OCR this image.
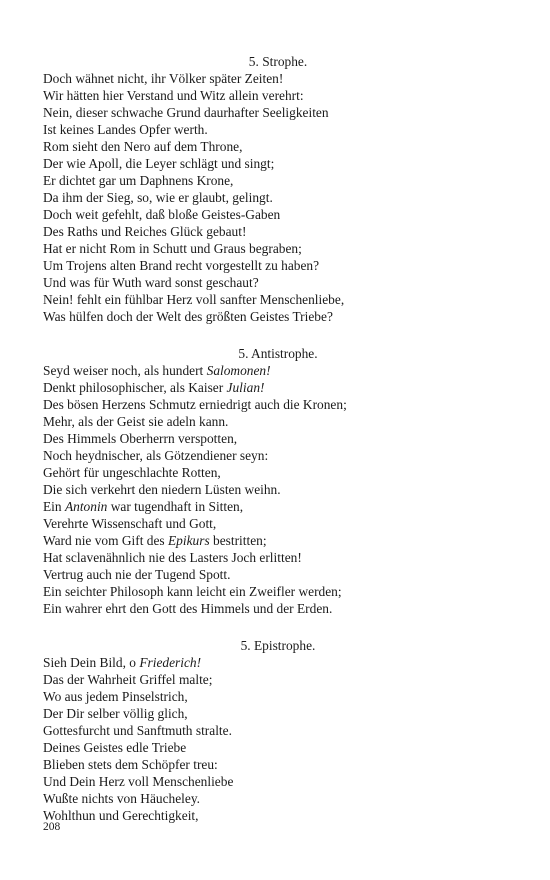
5. Strophe.
Doch wähnet nicht, ihr Völker später Zeiten!
Wir hätten hier Verstand und Witz allein verehrt:
Nein, dieser schwache Grund daurhafter Seeligkeiten
Ist keines Landes Opfer werth.
Rom sieht den Nero auf dem Throne,
Der wie Apoll, die Leyer schlägt und singt;
Er dichtet gar um Daphnens Krone,
Da ihm der Sieg, so, wie er glaubt, gelingt.
Doch weit gefehlt, daß bloße Geistes-Gaben
Des Raths und Reiches Glück gebaut!
Hat er nicht Rom in Schutt und Graus begraben;
Um Trojens alten Brand recht vorgestellt zu haben?
Und was für Wuth ward sonst geschaut?
Nein! fehlt ein fühlbar Herz voll sanfter Menschenliebe,
Was hülfen doch der Welt des größten Geistes Triebe?
5. Antistrophe.
Seyd weiser noch, als hundert Salomonen!
Denkt philosophischer, als Kaiser Julian!
Des bösen Herzens Schmutz erniedrigt auch die Kronen;
Mehr, als der Geist sie adeln kann.
Des Himmels Oberherrn verspotten,
Noch heydnischer, als Götzendiener seyn:
Gehört für ungeschlachte Rotten,
Die sich verkehrt den niedern Lüsten weihn.
Ein Antonin war tugendhaft in Sitten,
Verehrte Wissenschaft und Gott,
Ward nie vom Gift des Epikurs bestritten;
Hat sclavenähnlich nie des Lasters Joch erlitten!
Vertrug auch nie der Tugend Spott.
Ein seichter Philosoph kann leicht ein Zweifler werden;
Ein wahrer ehrt den Gott des Himmels und der Erden.
5. Epistrophe.
Sieh Dein Bild, o Friederich!
Das der Wahrheit Griffel malte;
Wo aus jedem Pinselstrich,
Der Dir selber völlig glich,
Gottesfurcht und Sanftmuth stralte.
Deines Geistes edle Triebe
Blieben stets dem Schöpfer treu:
Und Dein Herz voll Menschenliebe
Wußte nichts von Häucheley.
Wohlthun und Gerechtigkeit,
208
